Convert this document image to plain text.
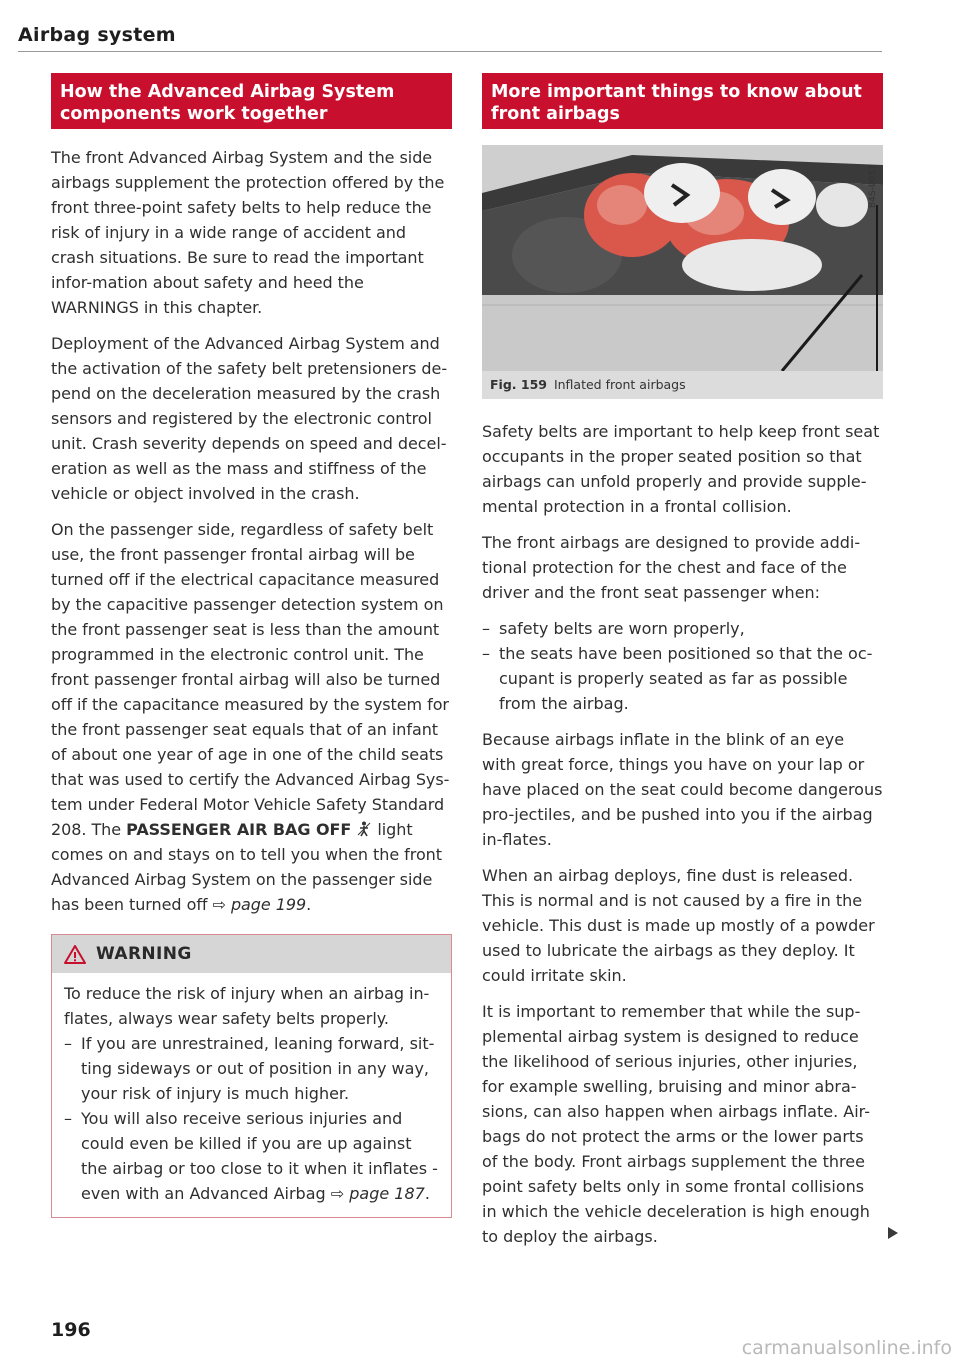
Airbag system
How the Advanced Airbag System components work together

The front Advanced Airbag System and the side airbags supplement the protection offered by the front three-point safety belts to help reduce the risk of injury in a wide range of accident and crash situations. Be sure to read the important infor-mation about safety and heed the WARNINGS in this chapter.

Deployment of the Advanced Airbag System and the activation of the safety belt pretensioners de-pend on the deceleration measured by the crash sensors and registered by the electronic control unit. Crash severity depends on speed and decel-eration as well as the mass and stiffness of the vehicle or object involved in the crash.

On the passenger side, regardless of safety belt use, the front passenger frontal airbag will be turned off if the electrical capacitance measured by the capacitive passenger detection system on the front passenger seat is less than the amount programmed in the electronic control unit. The front passenger frontal airbag will also be turned off if the capacitance measured by the system for the front passenger seat equals that of an infant of about one year of age in one of the child seats that was used to certify the Advanced Airbag Sys-tem under Federal Motor Vehicle Safety Standard 208. The PASSENGER AIR BAG OFF  light comes on and stays on to tell you when the front Advanced Airbag System on the passenger side has been turned off ⇨ page 199.

WARNING

To reduce the risk of injury when an airbag in-flates, always wear safety belts properly.

– If you are unrestrained, leaning forward, sit-ting sideways or out of position in any way, your risk of injury is much higher.
– You will also receive serious injuries and could even be killed if you are up against the airbag or too close to it when it inflates - even with an Advanced Airbag ⇨ page 187.
More important things to know about front airbags
B4S-0057
Fig. 159 Inflated front airbags

Safety belts are important to help keep front seat occupants in the proper seated position so that airbags can unfold properly and provide supple-mental protection in a frontal collision.

The front airbags are designed to provide addi-tional protection for the chest and face of the driver and the front seat passenger when:

– safety belts are worn properly,
– the seats have been positioned so that the oc-cupant is properly seated as far as possible from the airbag.

Because airbags inflate in the blink of an eye with great force, things you have on your lap or have placed on the seat could become dangerous pro-jectiles, and be pushed into you if the airbag in-flates.

When an airbag deploys, fine dust is released. This is normal and is not caused by a fire in the vehicle. This dust is made up mostly of a powder used to lubricate the airbags as they deploy. It could irritate skin.

It is important to remember that while the sup-plemental airbag system is designed to reduce the likelihood of serious injuries, other injuries, for example swelling, bruising and minor abra-sions, can also happen when airbags inflate. Air-bags do not protect the arms or the lower parts of the body. Front airbags supplement the three point safety belts only in some frontal collisions in which the vehicle deceleration is high enough to deploy the airbags.

196
carmanualsonline.info
